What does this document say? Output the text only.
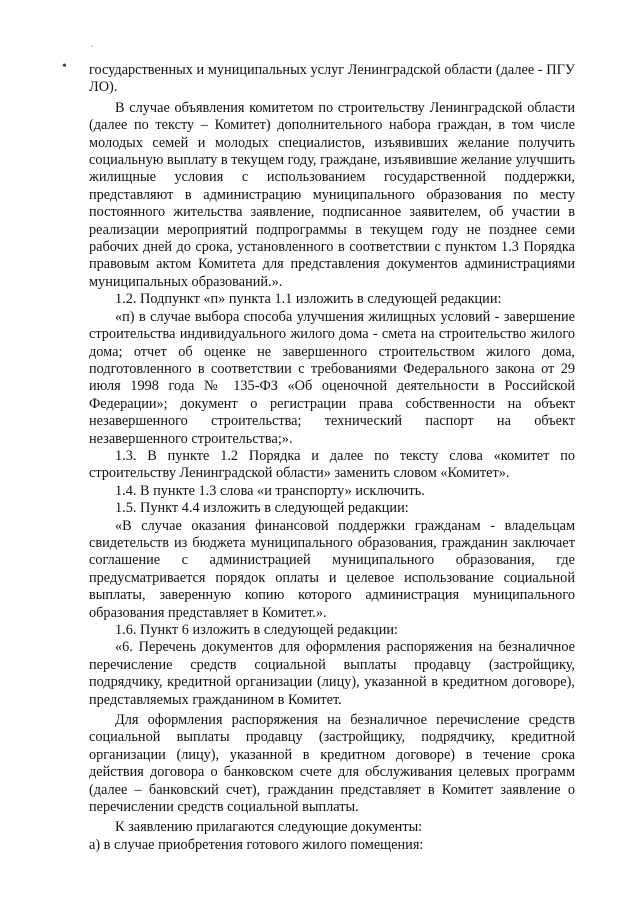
ˋ
• государственных и муниципальных услуг Ленинградской области (далее - ПГУ ЛО).

В случае объявления комитетом по строительству Ленинградской области (далее по тексту – Комитет) дополнительного набора граждан, в том числе молодых семей и молодых специалистов, изъявивших желание получить социальную выплату в текущем году, граждане, изъявившие желание улучшить жилищные условия с использованием государственной поддержки, представляют в администрацию муниципального образования по месту постоянного жительства заявление, подписанное заявителем, об участии в реализации мероприятий подпрограммы в текущем году не позднее семи рабочих дней до срока, установленного в соответствии с пунктом 1.3 Порядка правовым актом Комитета для представления документов администрациями муниципальных образований.».

1.2. Подпункт «п» пункта 1.1 изложить в следующей редакции:

«п) в случае выбора способа улучшения жилищных условий - завершение строительства индивидуального жилого дома - смета на строительство жилого дома; отчет об оценке не завершенного строительством жилого дома, подготовленного в соответствии с требованиями Федерального закона от 29 июля 1998 года № 135-ФЗ «Об оценочной деятельности в Российской Федерации»; документ о регистрации права собственности на объект незавершенного строительства; технический паспорт на объект незавершенного строительства;».

1.3. В пункте 1.2 Порядка и далее по тексту слова «комитет по строительству Ленинградской области» заменить словом «Комитет».

1.4. В пункте 1.3 слова «и транспорту» исключить.

1.5. Пункт 4.4 изложить в следующей редакции:

«В случае оказания финансовой поддержки гражданам - владельцам свидетельств из бюджета муниципального образования, гражданин заключает соглашение с администрацией муниципального образования, где предусматривается порядок оплаты и целевое использование социальной выплаты, заверенную копию которого администрация муниципального образования представляет в Комитет.».

1.6. Пункт 6 изложить в следующей редакции:

«6. Перечень документов для оформления распоряжения на безналичное перечисление средств социальной выплаты продавцу (застройщику, подрядчику, кредитной организации (лицу), указанной в кредитном договоре), представляемых гражданином в Комитет.

Для оформления распоряжения на безналичное перечисление средств социальной выплаты продавцу (застройщику, подрядчику, кредитной организации (лицу), указанной в кредитном договоре) в течение срока действия договора о банковском счете для обслуживания целевых программ (далее – банковский счет), гражданин представляет в Комитет заявление о перечислении средств социальной выплаты.

К заявлению прилагаются следующие документы:

а) в случае приобретения готового жилого помещения:
